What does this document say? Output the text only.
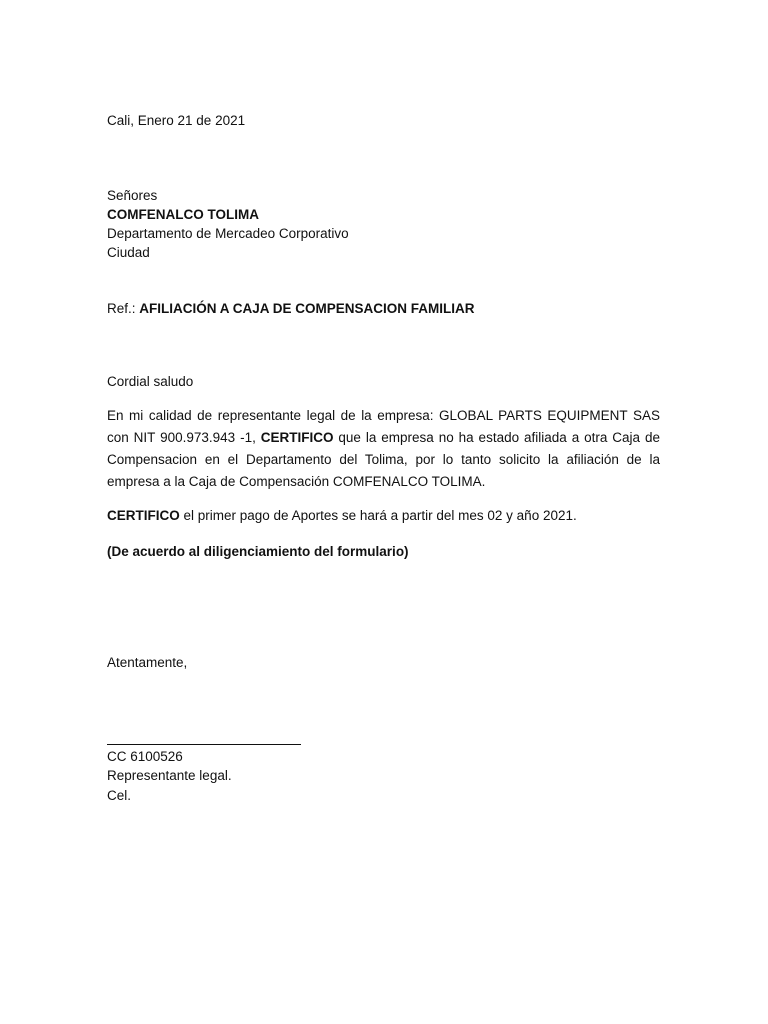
Cali, Enero 21 de 2021
Señores
COMFENALCO TOLIMA
Departamento de Mercadeo Corporativo
Ciudad
Ref.: AFILIACIÓN A CAJA DE COMPENSACION FAMILIAR
Cordial saludo
En mi calidad de representante legal de la empresa: GLOBAL PARTS EQUIPMENT SAS con NIT 900.973.943 -1, CERTIFICO que la empresa no ha estado afiliada a otra Caja de Compensacion en el Departamento del Tolima, por lo tanto solicito la afiliación de la empresa a la Caja de Compensación COMFENALCO TOLIMA.
CERTIFICO el primer pago de Aportes se hará a partir del mes 02 y año 2021.
(De acuerdo al diligenciamiento del formulario)
Atentamente,
CC 6100526
Representante legal.
Cel.
